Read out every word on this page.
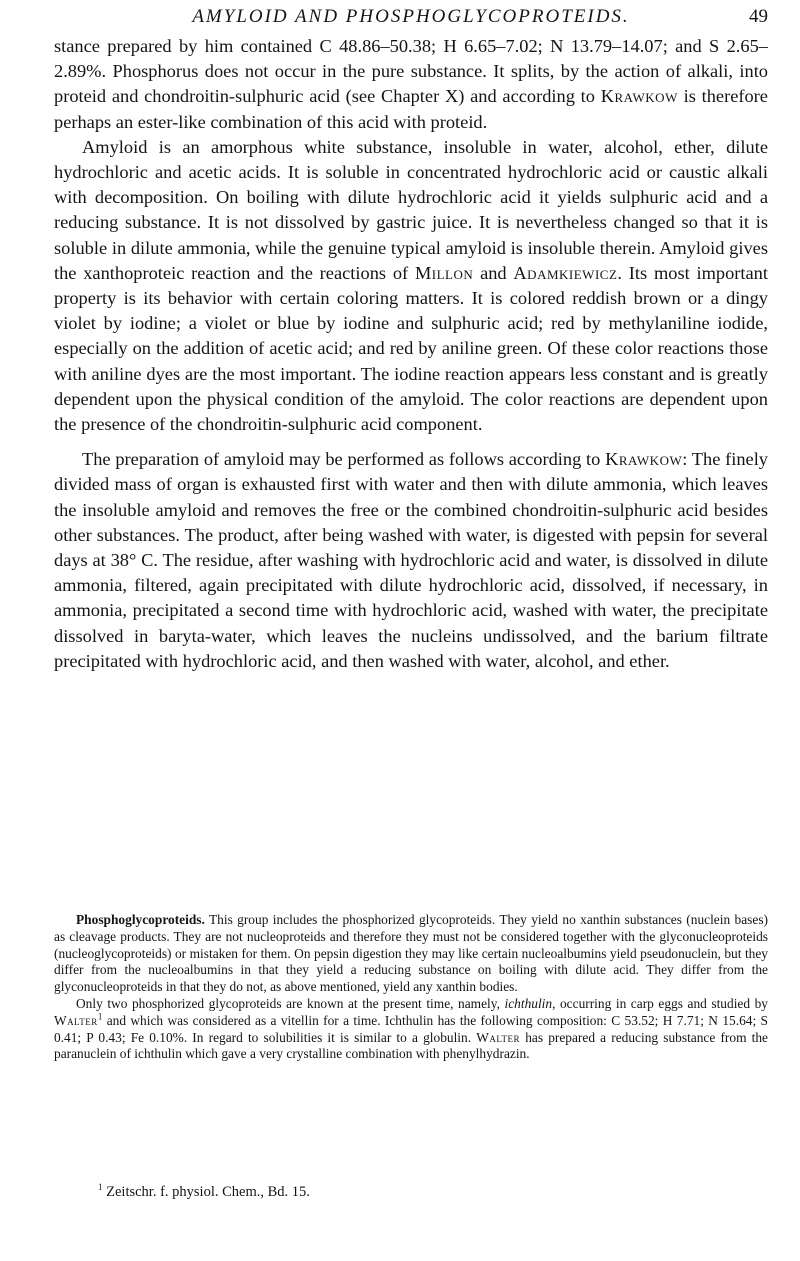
AMYLOID AND PHOSPHOGLYCOPROTEIDS.	49

stance prepared by him contained C 48.86–50.38; H 6.65–7.02; N 13.79–14.07; and S 2.65–2.89%. Phosphorus does not occur in the pure substance. It splits, by the action of alkali, into proteid and chondroitin-sulphuric acid (see Chapter X) and according to Krawkow is therefore perhaps an ester-like combination of this acid with proteid.

Amyloid is an amorphous white substance, insoluble in water, alcohol, ether, dilute hydrochloric and acetic acids. It is soluble in concentrated hydrochloric acid or caustic alkali with decomposition. On boiling with dilute hydrochloric acid it yields sulphuric acid and a reducing substance. It is not dissolved by gastric juice. It is nevertheless changed so that it is soluble in dilute ammonia, while the genuine typical amyloid is insoluble therein. Amyloid gives the xanthoproteic reaction and the reactions of Millon and Adamkiewicz. Its most important property is its behavior with certain coloring matters. It is colored reddish brown or a dingy violet by iodine; a violet or blue by iodine and sulphuric acid; red by methylaniline iodide, especially on the addition of acetic acid; and red by aniline green. Of these color reactions those with aniline dyes are the most important. The iodine reaction appears less constant and is greatly dependent upon the physical condition of the amyloid. The color reactions are dependent upon the presence of the chondroitin-sulphuric acid component.

The preparation of amyloid may be performed as follows according to Krawkow: The finely divided mass of organ is exhausted first with water and then with dilute ammonia, which leaves the insoluble amyloid and removes the free or the combined chondroitin-sulphuric acid besides other substances. The product, after being washed with water, is digested with pepsin for several days at 38° C. The residue, after washing with hydrochloric acid and water, is dissolved in dilute ammonia, filtered, again precipitated with dilute hydrochloric acid, dissolved, if necessary, in ammonia, precipitated a second time with hydrochloric acid, washed with water, the precipitate dissolved in baryta-water, which leaves the nucleins undissolved, and the barium filtrate precipitated with hydrochloric acid, and then washed with water, alcohol, and ether.

Phosphoglycoproteids. This group includes the phosphorized glycoproteids. They yield no xanthin substances (nuclein bases) as cleavage products. They are not nucleoproteids and therefore they must not be considered together with the glyconucleoproteids (nucleoglycoproteids) or mistaken for them. On pepsin digestion they may like certain nucleoalbumins yield pseudonuclein, but they differ from the nucleoalbumins in that they yield a reducing substance on boiling with dilute acid. They differ from the glyconucleoproteids in that they do not, as above mentioned, yield any xanthin bodies.

Only two phosphorized glycoproteids are known at the present time, namely, ichthulin, occurring in carp eggs and studied by Walter$^1$ and which was considered as a vitellin for a time. Ichthulin has the following composition: C 53.52; H 7.71; N 15.64; S 0.41; P 0.43; Fe 0.10%. In regard to solubilities it is similar to a globulin. Walter has prepared a reducing substance from the paranuclein of ichthulin which gave a very crystalline combination with phenylhydrazin.

$^1$ Zeitschr. f. physiol. Chem., Bd. 15.
